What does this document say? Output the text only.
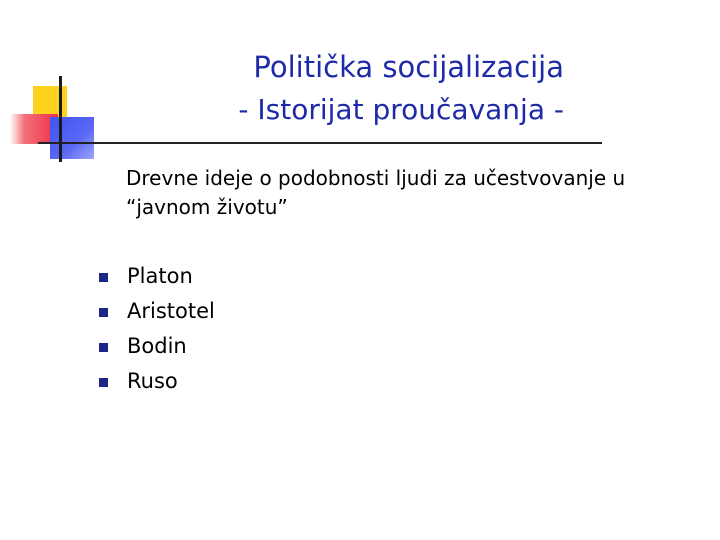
Politička socijalizacija
- Istorijat proučavanja -
Drevne ideje o podobnosti ljudi za učestvovanje u
“javnom životu”
Platon
Aristotel
Bodin
Ruso
